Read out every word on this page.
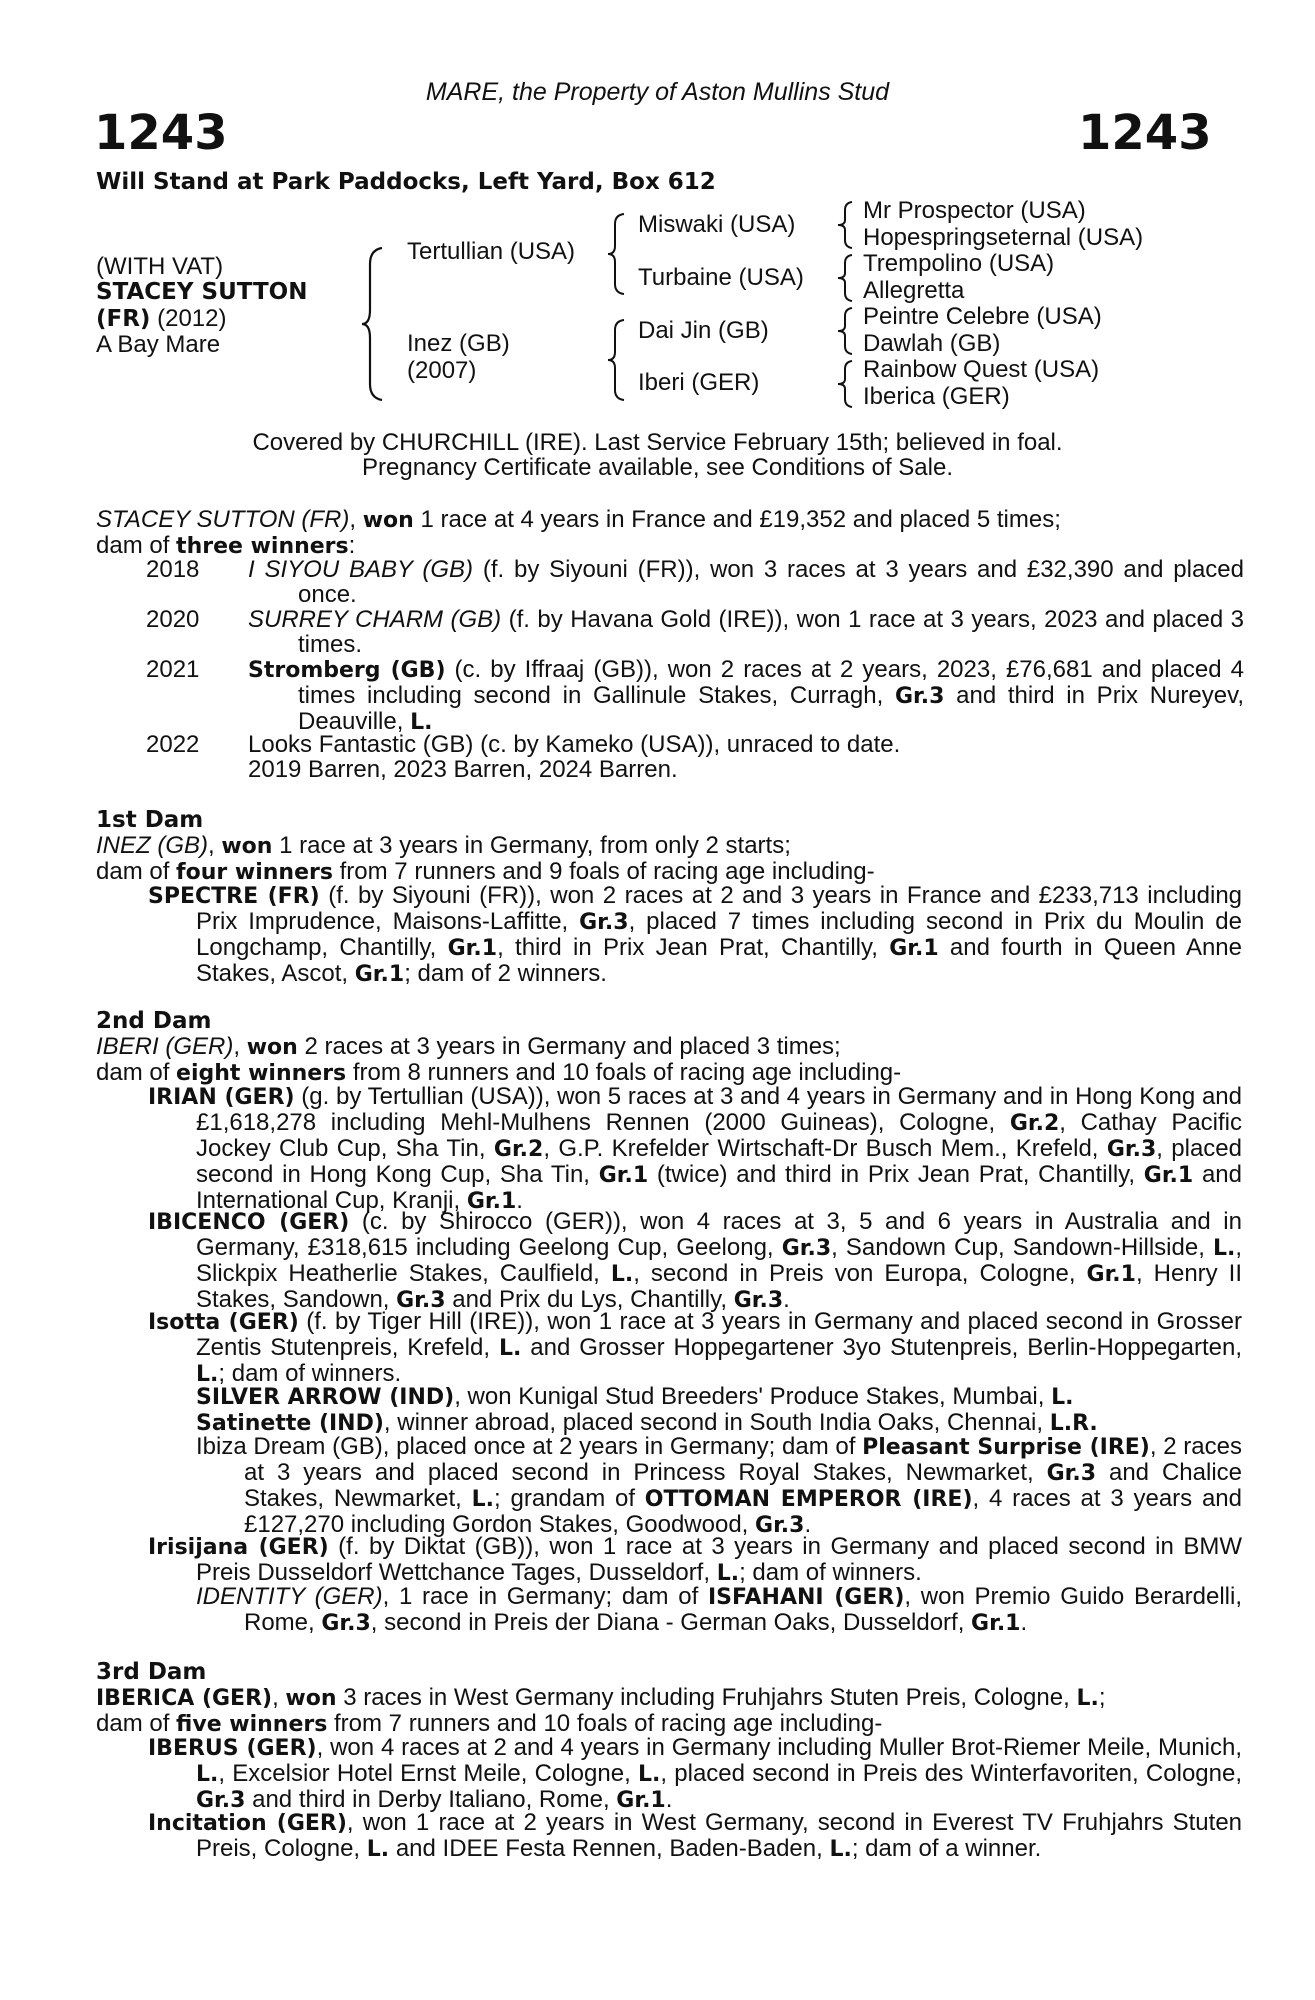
MARE, the Property of Aston Mullins Stud
1243	1243
Will Stand at Park Paddocks, Left Yard, Box 612
(WITH VAT)
STACEY SUTTON
(FR) (2012)
A Bay Mare
Tertullian (USA)
Inez (GB)
(2007)
Miswaki (USA)
Turbaine (USA)
Dai Jin (GB)
Iberi (GER)
Mr Prospector (USA)
Hopespringseternal (USA)
Trempolino (USA)
Allegretta
Peintre Celebre (USA)
Dawlah (GB)
Rainbow Quest (USA)
Iberica (GER)
Covered by CHURCHILL (IRE). Last Service February 15th; believed in foal.
Pregnancy Certificate available, see Conditions of Sale.
STACEY SUTTON (FR), won 1 race at 4 years in France and £19,352 and placed 5 times;
dam of three winners:
2018 I SIYOU BABY (GB) (f. by Siyouni (FR)), won 3 races at 3 years and £32,390 and placed once.
2020 SURREY CHARM (GB) (f. by Havana Gold (IRE)), won 1 race at 3 years, 2023 and placed 3 times.
2021 Stromberg (GB) (c. by Iffraaj (GB)), won 2 races at 2 years, 2023, £76,681 and placed 4 times including second in Gallinule Stakes, Curragh, Gr.3 and third in Prix Nureyev, Deauville, L.
2022 Looks Fantastic (GB) (c. by Kameko (USA)), unraced to date.
2019 Barren, 2023 Barren, 2024 Barren.
1st Dam
INEZ (GB), won 1 race at 3 years in Germany, from only 2 starts;
dam of four winners from 7 runners and 9 foals of racing age including-
SPECTRE (FR) (f. by Siyouni (FR)), won 2 races at 2 and 3 years in France and £233,713 including Prix Imprudence, Maisons-Laffitte, Gr.3, placed 7 times including second in Prix du Moulin de Longchamp, Chantilly, Gr.1, third in Prix Jean Prat, Chantilly, Gr.1 and fourth in Queen Anne Stakes, Ascot, Gr.1; dam of 2 winners.
2nd Dam
IBERI (GER), won 2 races at 3 years in Germany and placed 3 times;
dam of eight winners from 8 runners and 10 foals of racing age including-
IRIAN (GER) (g. by Tertullian (USA)), won 5 races at 3 and 4 years in Germany and in Hong Kong and £1,618,278 including Mehl-Mulhens Rennen (2000 Guineas), Cologne, Gr.2, Cathay Pacific Jockey Club Cup, Sha Tin, Gr.2, G.P. Krefelder Wirtschaft-Dr Busch Mem., Krefeld, Gr.3, placed second in Hong Kong Cup, Sha Tin, Gr.1 (twice) and third in Prix Jean Prat, Chantilly, Gr.1 and International Cup, Kranji, Gr.1.
IBICENCO (GER) (c. by Shirocco (GER)), won 4 races at 3, 5 and 6 years in Australia and in Germany, £318,615 including Geelong Cup, Geelong, Gr.3, Sandown Cup, Sandown-Hillside, L., Slickpix Heatherlie Stakes, Caulfield, L., second in Preis von Europa, Cologne, Gr.1, Henry II Stakes, Sandown, Gr.3 and Prix du Lys, Chantilly, Gr.3.
Isotta (GER) (f. by Tiger Hill (IRE)), won 1 race at 3 years in Germany and placed second in Grosser Zentis Stutenpreis, Krefeld, L. and Grosser Hoppegartener 3yo Stutenpreis, Berlin-Hoppegarten, L.; dam of winners.
SILVER ARROW (IND), won Kunigal Stud Breeders' Produce Stakes, Mumbai, L.
Satinette (IND), winner abroad, placed second in South India Oaks, Chennai, L.R.
Ibiza Dream (GB), placed once at 2 years in Germany; dam of Pleasant Surprise (IRE), 2 races at 3 years and placed second in Princess Royal Stakes, Newmarket, Gr.3 and Chalice Stakes, Newmarket, L.; grandam of OTTOMAN EMPEROR (IRE), 4 races at 3 years and £127,270 including Gordon Stakes, Goodwood, Gr.3.
Irisijana (GER) (f. by Diktat (GB)), won 1 race at 3 years in Germany and placed second in BMW Preis Dusseldorf Wettchance Tages, Dusseldorf, L.; dam of winners.
IDENTITY (GER), 1 race in Germany; dam of ISFAHANI (GER), won Premio Guido Berardelli, Rome, Gr.3, second in Preis der Diana - German Oaks, Dusseldorf, Gr.1.
3rd Dam
IBERICA (GER), won 3 races in West Germany including Fruhjahrs Stuten Preis, Cologne, L.;
dam of five winners from 7 runners and 10 foals of racing age including-
IBERUS (GER), won 4 races at 2 and 4 years in Germany including Muller Brot-Riemer Meile, Munich, L., Excelsior Hotel Ernst Meile, Cologne, L., placed second in Preis des Winterfavoriten, Cologne, Gr.3 and third in Derby Italiano, Rome, Gr.1.
Incitation (GER), won 1 race at 2 years in West Germany, second in Everest TV Fruhjahrs Stuten Preis, Cologne, L. and IDEE Festa Rennen, Baden-Baden, L.; dam of a winner.
